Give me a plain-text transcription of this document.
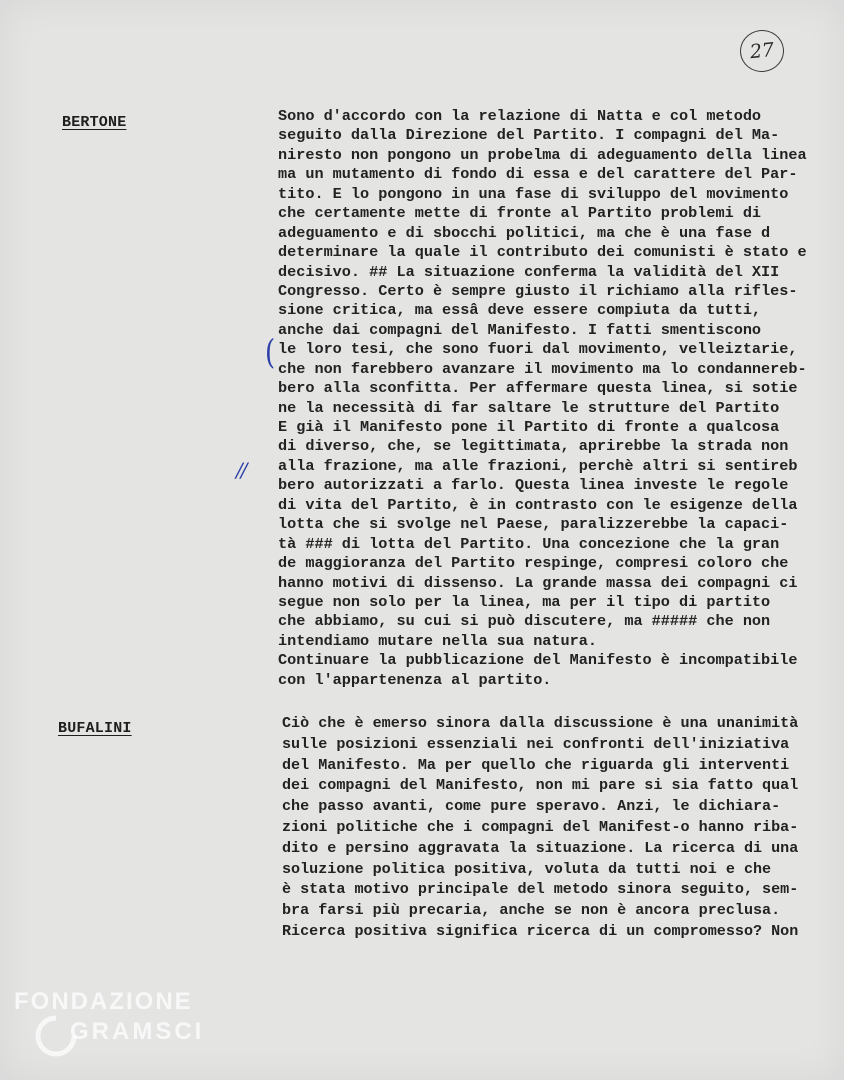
27
BERTONE
(
//
Sono d'accordo con la relazione di Natta e col metodo
seguito dalla Direzione del Partito. I compagni del Ma-
niresto non pongono un probelma di adeguamento della linea
ma un mutamento di fondo di essa e del carattere del Par-
tito. E lo pongono in una fase di sviluppo del movimento
che certamente mette di fronte al Partito problemi di
adeguamento e di sbocchi politici, ma che è una fase d
determinare la quale il contributo dei comunisti è stato e
decisivo. ## La situazione conferma la validità del XII
Congresso. Certo è sempre giusto il richiamo alla rifles-
sione critica, ma essâ deve essere compiuta da tutti,
anche dai compagni del Manifesto. I fatti smentiscono
le loro tesi, che sono fuori dal movimento, velleiztarie,
che non farebbero avanzare il movimento ma lo condannereb-
bero alla sconfitta. Per affermare questa linea, si sotie
ne la necessità di far saltare le strutture del Partito
E già il Manifesto pone il Partito di fronte a qualcosa
di diverso, che, se legittimata, aprirebbe la strada non
alla frazione, ma alle frazioni, perchè altri si sentireb
bero autorizzati a farlo. Questa linea investe le regole
di vita del Partito, è in contrasto con le esigenze della
lotta che si svolge nel Paese, paralizzerebbe la capaci-
tà ### di lotta del Partito. Una concezione che la gran
de maggioranza del Partito respinge, compresi coloro che
hanno motivi di dissenso. La grande massa dei compagni ci
segue non solo per la linea, ma per il tipo di partito
che abbiamo, su cui si può discutere, ma ##### che non
intendiamo mutare nella sua natura.
Continuare la pubblicazione del Manifesto è incompatibile
con l'appartenenza al partito.
BUFALINI	Ciò che è emerso sinora dalla discussione è una unanimità
sulle posizioni essenziali nei confronti dell'iniziativa
del Manifesto. Ma per quello che riguarda gli interventi
dei compagni del Manifesto, non mi pare si sia fatto qual
che passo avanti, come pure speravo. Anzi, le dichiara-
zioni politiche che i compagni del Manifest-o hanno riba-
dito e persino aggravata la situazione. La ricerca di una
soluzione politica positiva, voluta da tutti noi e che
è stata motivo principale del metodo sinora seguito, sem-
bra farsi più precaria, anche se non è ancora preclusa.
Ricerca positiva significa ricerca di un compromesso? Non
FONDAZIONE
GRAMSCI
